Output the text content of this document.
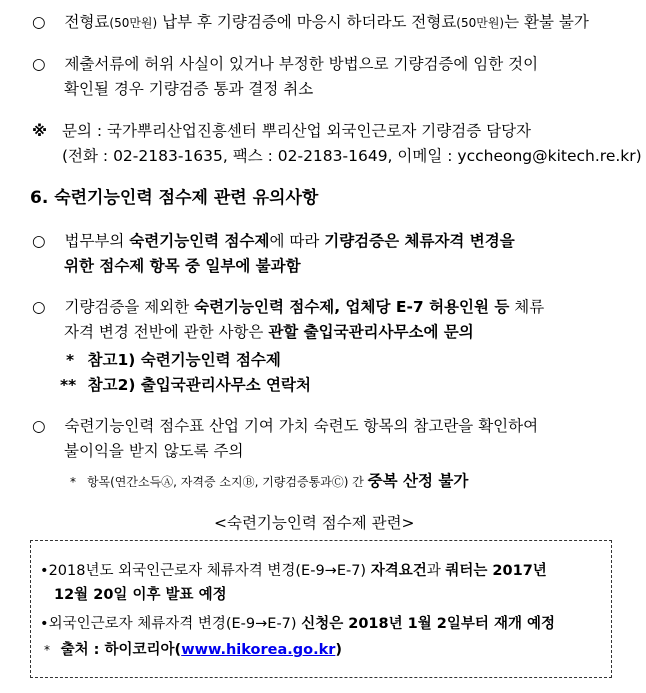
○ 전형료(50만원) 납부 후 기량검증에 마응시 하더라도 전형료(50만원)는 환불 불가
○ 제출서류에 허위 사실이 있거나 부정한 방법으로 기량검증에 임한 것이
확인될 경우 기량검증 통과 결정 취소
※ 문의 : 국가뿌리산업진흥센터 뿌리산업 외국인근로자 기량검증 담당자
(전화 : 02-2183-1635, 팩스 : 02-2183-1649, 이메일 : yccheong@kitech.re.kr)
6. 숙련기능인력 점수제 관련 유의사항
○ 법무부의 숙련기능인력 점수제에 따라 기량검증은 체류자격 변경을
위한 점수제 항목 중 일부에 불과함
○ 기량검증을 제외한 숙련기능인력 점수제, 업체당 E-7 허용인원 등 체류
자격 변경 전반에 관한 사항은 관할 출입국관리사무소에 문의
* 참고1) 숙련기능인력 점수제
** 참고2) 출입국관리사무소 연락처
○ 숙련기능인력 점수표 산업 기여 가치 숙련도 항목의 참고란을 확인하여
불이익을 받지 않도록 주의
* 항목(연간소득Ⓐ, 자격증 소지Ⓑ, 기량검증통과Ⓒ) 간 중복 산정 불가
<숙련기능인력 점수제 관련>
•2018년도 외국인근로자 체류자격 변경(E-9→E-7) 자격요건과 쿼터는 2017년
12월 20일 이후 발표 예정
•외국인근로자 체류자격 변경(E-9→E-7) 신청은 2018년 1월 2일부터 재개 예정
* 출처 : 하이코리아(www.hikorea.go.kr)
